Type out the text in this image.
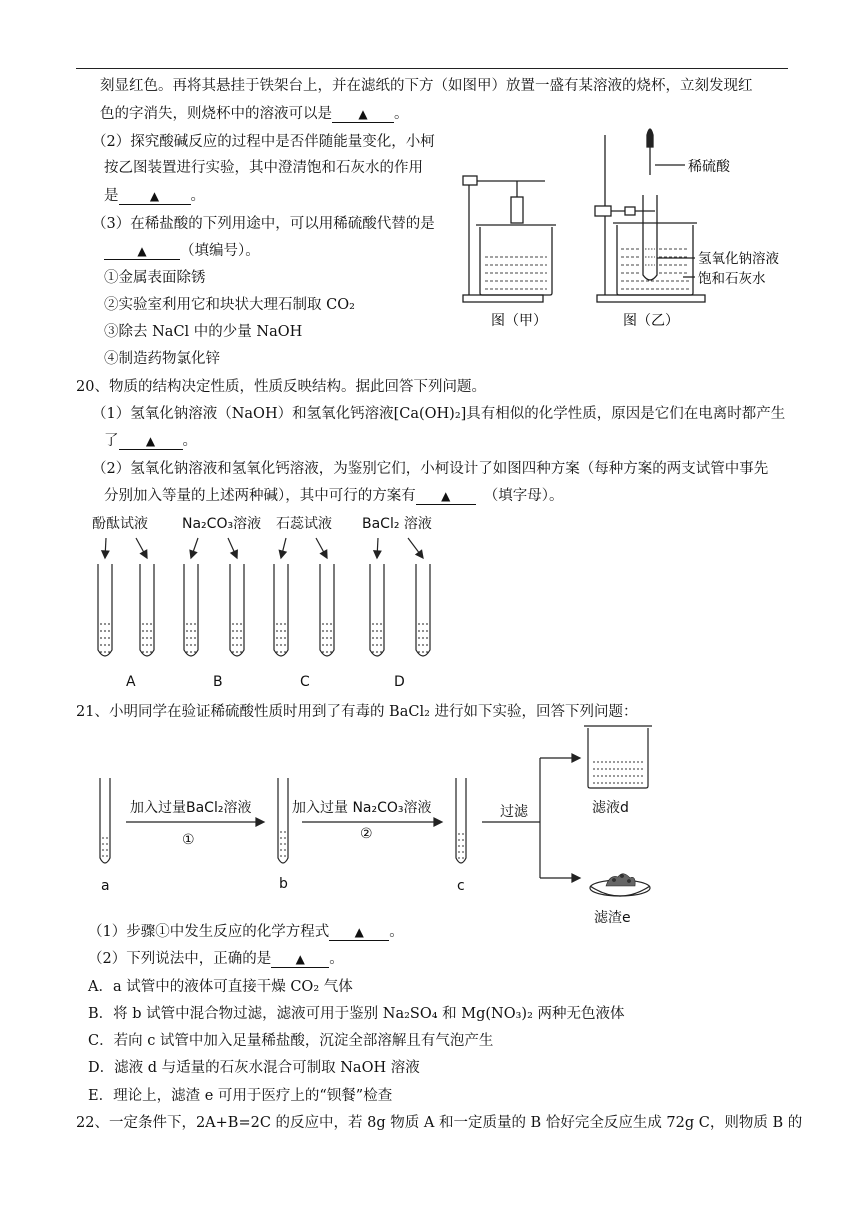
刻显红色。再将其悬挂于铁架台上，并在滤纸的下方（如图甲）放置一盛有某溶液的烧杯，立刻发现红
色的字消失，则烧杯中的溶液可以是 ▲ 。
（2）探究酸碱反应的过程中是否伴随能量变化，小柯
按乙图装置进行实验，其中澄清饱和石灰水的作用
是	▲ 。
（3）在稀盐酸的下列用途中，可以用稀硫酸代替的是
▲ （填编号）。
①金属表面除锈
②实验室利用它和块状大理石制取 CO₂
③除去 NaCl 中的少量 NaOH
④制造药物氯化锌
稀硫酸
氢氧化钠溶液
饱和石灰水
图（甲）	图（乙）
20、物质的结构决定性质，性质反映结构。据此回答下列问题。
（1）氢氧化钠溶液（NaOH）和氢氧化钙溶液[Ca(OH)₂]具有相似的化学性质，原因是它们在电离时都产生
了 ▲ 。
（2）氢氧化钠溶液和氢氧化钙溶液，为鉴别它们，小柯设计了如图四种方案（每种方案的两支试管中事先
分别加入等量的上述两种碱），其中可行的方案有 ▲ （填字母）。
酚酞试液 Na₂CO₃溶液 石蕊试液 BaCl₂ 溶液
A	B	C	D
21、小明同学在验证稀硫酸性质时用到了有毒的 BaCl₂ 进行如下实验，回答下列问题：
加入过量BaCl₂溶液
①
加入过量 Na₂CO₃溶液
②
过滤
a	b	c
滤液d
滤渣e
（1）步骤①中发生反应的化学方程式 ▲ 。
（2）下列说法中，正确的是 ▲ 。
A．a 试管中的液体可直接干燥 CO₂ 气体
B．将 b 试管中混合物过滤，滤液可用于鉴别 Na₂SO₄ 和 Mg(NO₃)₂ 两种无色液体
C．若向 c 试管中加入足量稀盐酸，沉淀全部溶解且有气泡产生
D．滤液 d 与适量的石灰水混合可制取 NaOH 溶液
E．理论上，滤渣 e 可用于医疗上的“钡餐”检查
22、一定条件下，2A+B=2C 的反应中，若 8g 物质 A 和一定质量的 B 恰好完全反应生成 72g C，则物质 B 的
